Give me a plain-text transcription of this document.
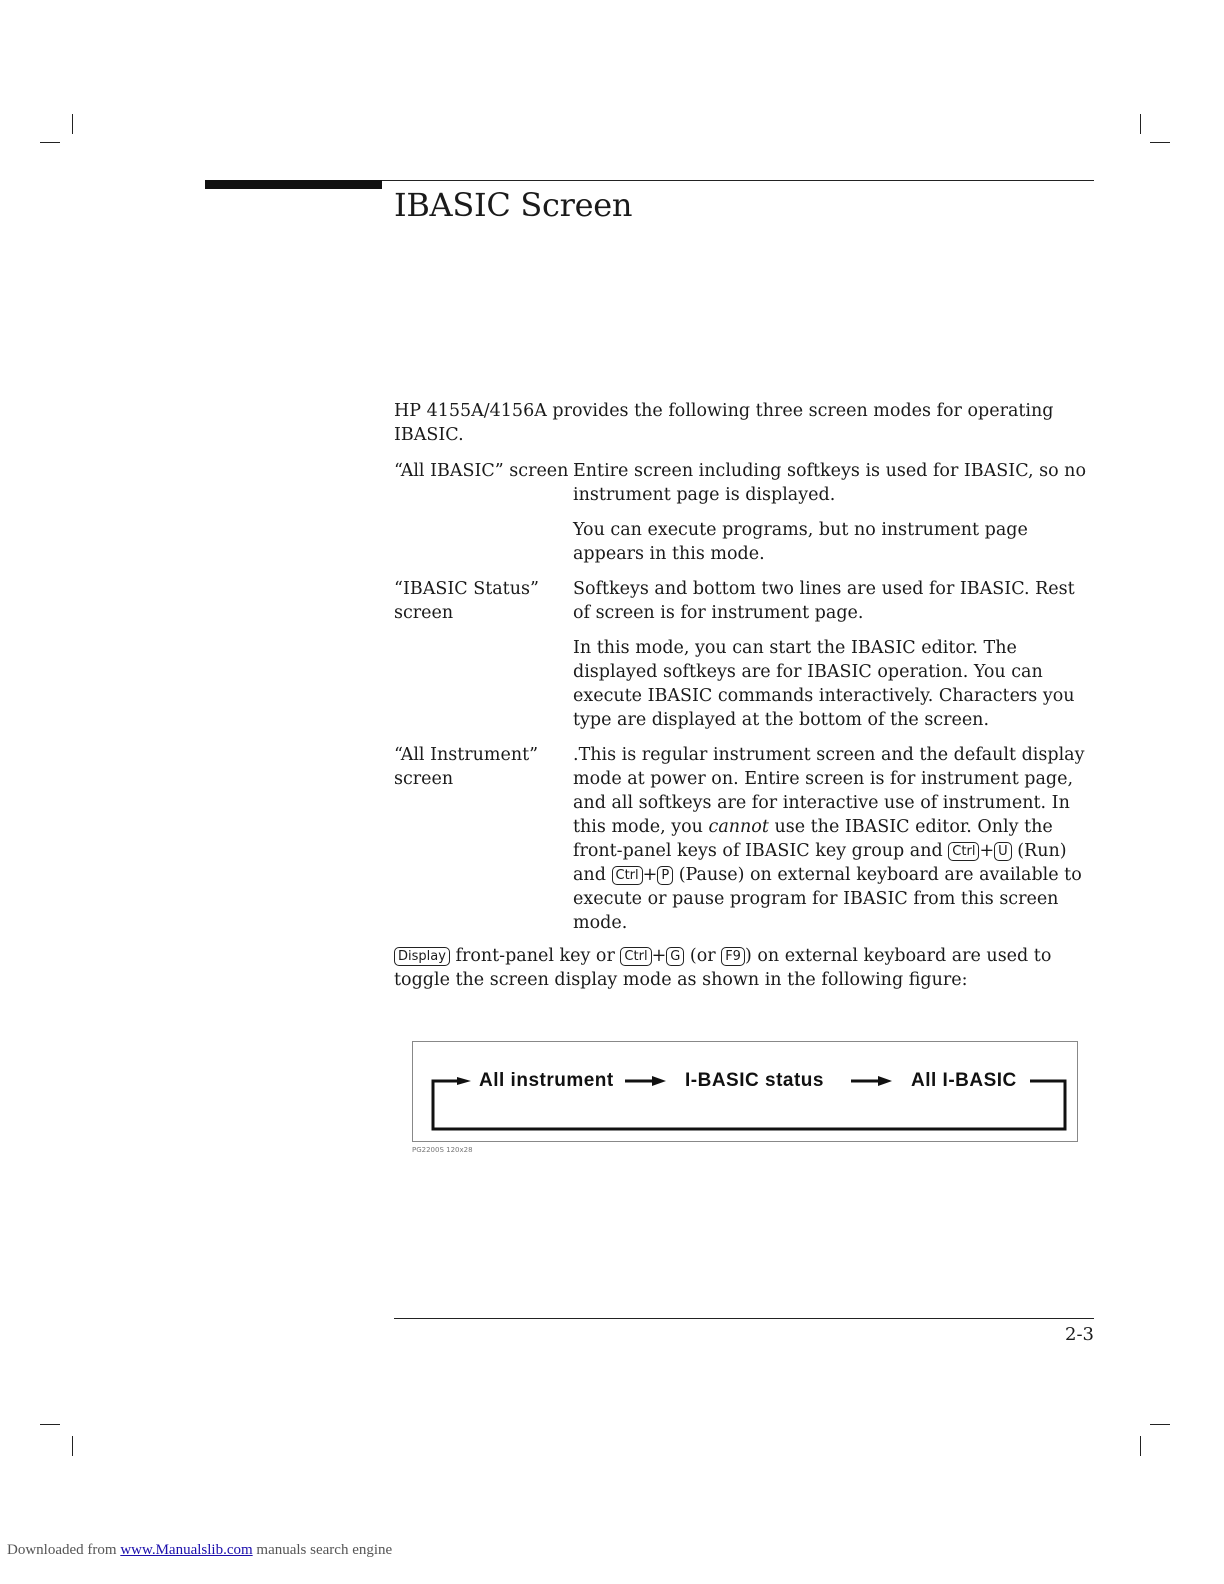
IBASIC Screen
HP 4155A/4156A provides the following three screen modes for operating IBASIC.
“All IBASIC” screen Entire screen including softkeys is used for IBASIC, so no instrument page is displayed.

You can execute programs, but no instrument page appears in this mode.

“IBASIC Status” screen

Softkeys and bottom two lines are used for IBASIC. Rest of screen is for instrument page.

In this mode, you can start the IBASIC editor. The displayed softkeys are for IBASIC operation. You can execute IBASIC commands interactively. Characters you type are displayed at the bottom of the screen.

“All Instrument” screen

.This is regular instrument screen and the default display mode at power on. Entire screen is for instrument page, and all softkeys are for interactive use of instrument. In this mode, you cannot use the IBASIC editor. Only the front-panel keys of IBASIC key group and Ctrl + U (Run) and Ctrl + P (Pause) on external keyboard are available to execute or pause program for IBASIC from this screen mode.

Display front-panel key or Ctrl + G (or F9 ) on external keyboard are used to toggle the screen display mode as shown in the following figure:
All instrument	I-BASIC status	All I-BASIC
PG2200S 120x28
2-3
Downloaded from www.Manualslib.com manuals search engine
